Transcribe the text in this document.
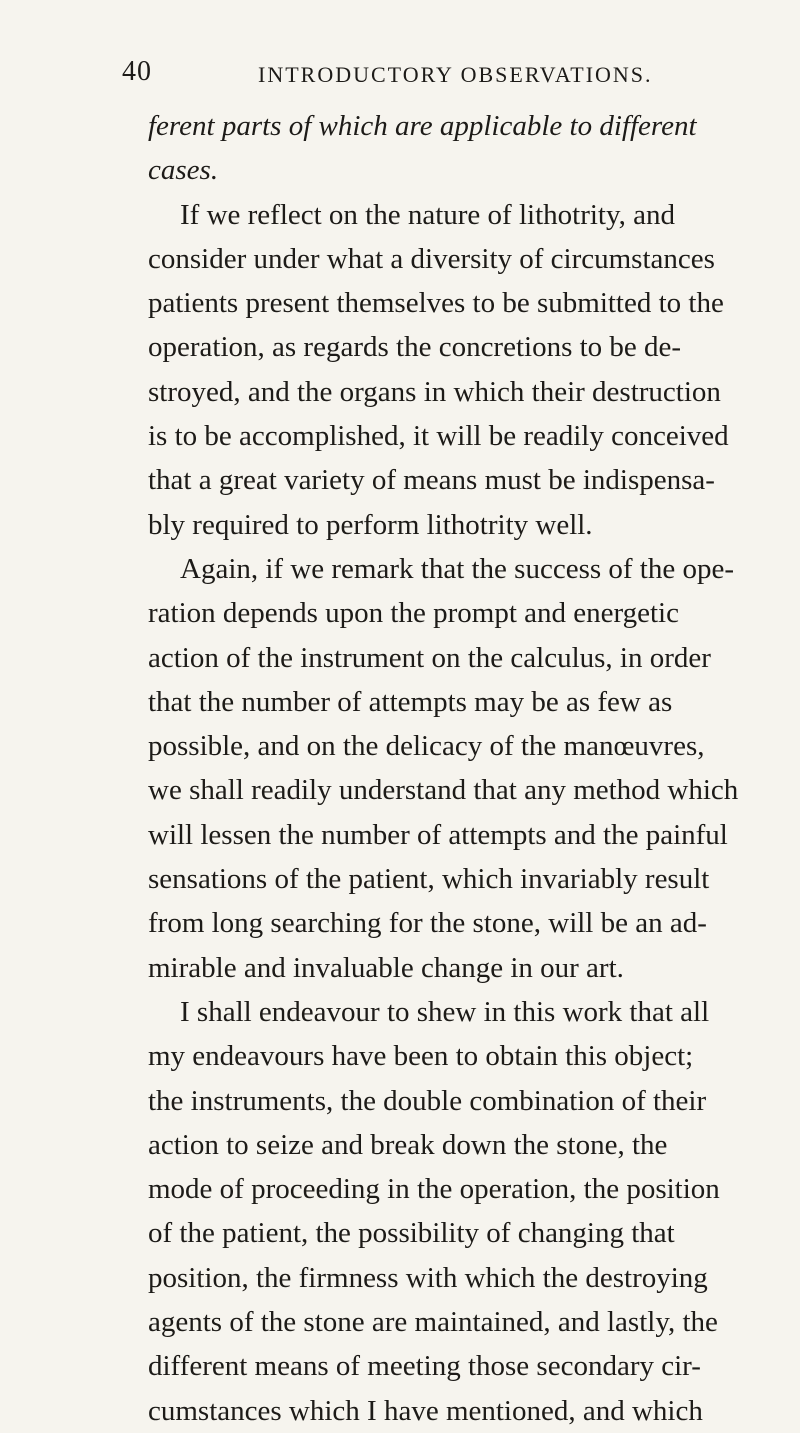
40	INTRODUCTORY OBSERVATIONS.
ferent parts of which are applicable to different
cases.
If we reflect on the nature of lithotrity, and
consider under what a diversity of circumstances
patients present themselves to be submitted to the
operation, as regards the concretions to be de-
stroyed, and the organs in which their destruction
is to be accomplished, it will be readily conceived
that a great variety of means must be indispensa-
bly required to perform lithotrity well.
Again, if we remark that the success of the ope-
ration depends upon the prompt and energetic
action of the instrument on the calculus, in order
that the number of attempts may be as few as
possible, and on the delicacy of the manœuvres,
we shall readily understand that any method which
will lessen the number of attempts and the painful
sensations of the patient, which invariably result
from long searching for the stone, will be an ad-
mirable and invaluable change in our art.
I shall endeavour to shew in this work that all
my endeavours have been to obtain this object;
the instruments, the double combination of their
action to seize and break down the stone, the
mode of proceeding in the operation, the position
of the patient, the possibility of changing that
position, the firmness with which the destroying
agents of the stone are maintained, and lastly, the
different means of meeting those secondary cir-
cumstances which I have mentioned, and which
